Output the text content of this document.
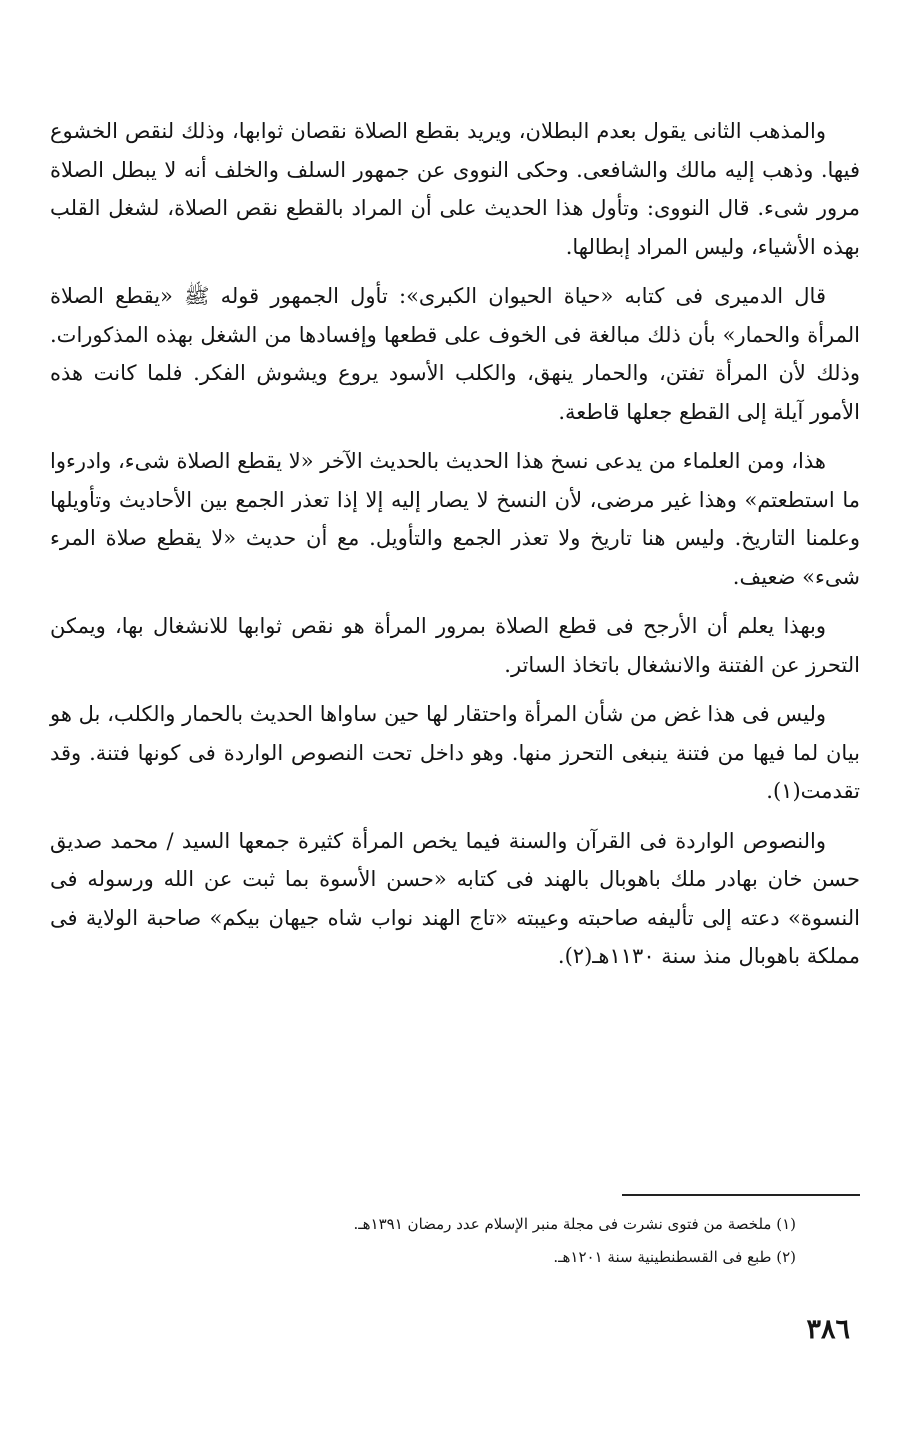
والمذهب الثانى يقول بعدم البطلان، ويريد بقطع الصلاة نقصان ثوابها، وذلك لنقص الخشوع فيها. وذهب إليه مالك والشافعى. وحكى النووى عن جمهور السلف والخلف أنه لا يبطل الصلاة مرور شىء. قال النووى: وتأول هذا الحديث على أن المراد بالقطع نقص الصلاة، لشغل القلب بهذه الأشياء، وليس المراد إبطالها.

قال الدميرى فى كتابه «حياة الحيوان الكبرى»: تأول الجمهور قوله ﷺ «يقطع الصلاة المرأة والحمار» بأن ذلك مبالغة فى الخوف على قطعها وإفسادها من الشغل بهذه المذكورات. وذلك لأن المرأة تفتن، والحمار ينهق، والكلب الأسود يروع ويشوش الفكر. فلما كانت هذه الأمور آيلة إلى القطع جعلها قاطعة.

هذا، ومن العلماء من يدعى نسخ هذا الحديث بالحديث الآخر «لا يقطع الصلاة شىء، وادرءوا ما استطعتم» وهذا غير مرضى، لأن النسخ لا يصار إليه إلا إذا تعذر الجمع بين الأحاديث وتأويلها وعلمنا التاريخ. وليس هنا تاريخ ولا تعذر الجمع والتأويل. مع أن حديث «لا يقطع صلاة المرء شىء» ضعيف.

وبهذا يعلم أن الأرجح فى قطع الصلاة بمرور المرأة هو نقص ثوابها للانشغال بها، ويمكن التحرز عن الفتنة والانشغال باتخاذ الساتر.

وليس فى هذا غض من شأن المرأة واحتقار لها حين ساواها الحديث بالحمار والكلب، بل هو بيان لما فيها من فتنة ينبغى التحرز منها. وهو داخل تحت النصوص الواردة فى كونها فتنة. وقد تقدمت(١).

والنصوص الواردة فى القرآن والسنة فيما يخص المرأة كثيرة جمعها السيد / محمد صديق حسن خان بهادر ملك باهوبال بالهند فى كتابه «حسن الأسوة بما ثبت عن الله ورسوله فى النسوة» دعته إلى تأليفه صاحبته وعيبته «تاج الهند نواب شاه جيهان بيكم» صاحبة الولاية فى مملكة باهوبال منذ سنة ١١٣٠هـ(٢).

(١) ملخصة من فتوى نشرت فى مجلة منبر الإسلام عدد رمضان ١٣٩١هـ.

(٢) طبع فى القسطنطينية سنة ١٢٠١هـ.

٣٨٦
